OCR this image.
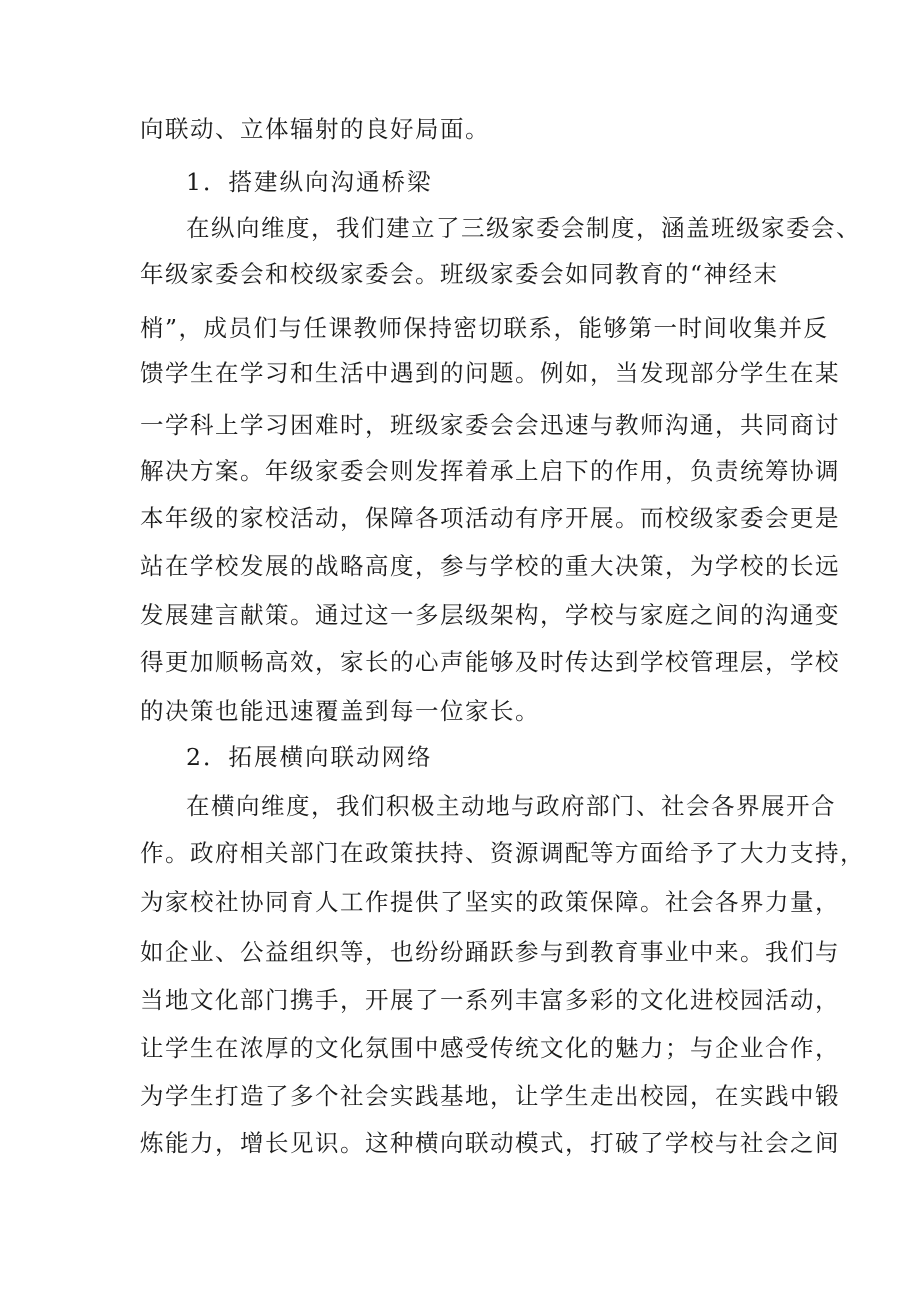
向联动、立体辐射的良好局面。
1．搭建纵向沟通桥梁
在纵向维度，我们建立了三级家委会制度，涵盖班级家委会、
年级家委会和校级家委会。班级家委会如同教育的“神经末
梢”，成员们与任课教师保持密切联系，能够第一时间收集并反
馈学生在学习和生活中遇到的问题。例如，当发现部分学生在某
一学科上学习困难时，班级家委会会迅速与教师沟通，共同商讨
解决方案。年级家委会则发挥着承上启下的作用，负责统筹协调
本年级的家校活动，保障各项活动有序开展。而校级家委会更是
站在学校发展的战略高度，参与学校的重大决策，为学校的长远
发展建言献策。通过这一多层级架构，学校与家庭之间的沟通变
得更加顺畅高效，家长的心声能够及时传达到学校管理层，学校
的决策也能迅速覆盖到每一位家长。
2．拓展横向联动网络
在横向维度，我们积极主动地与政府部门、社会各界展开合
作。政府相关部门在政策扶持、资源调配等方面给予了大力支持，
为家校社协同育人工作提供了坚实的政策保障。社会各界力量，
如企业、公益组织等，也纷纷踊跃参与到教育事业中来。我们与
当地文化部门携手，开展了一系列丰富多彩的文化进校园活动，
让学生在浓厚的文化氛围中感受传统文化的魅力；与企业合作，
为学生打造了多个社会实践基地，让学生走出校园，在实践中锻
炼能力，增长见识。这种横向联动模式，打破了学校与社会之间
